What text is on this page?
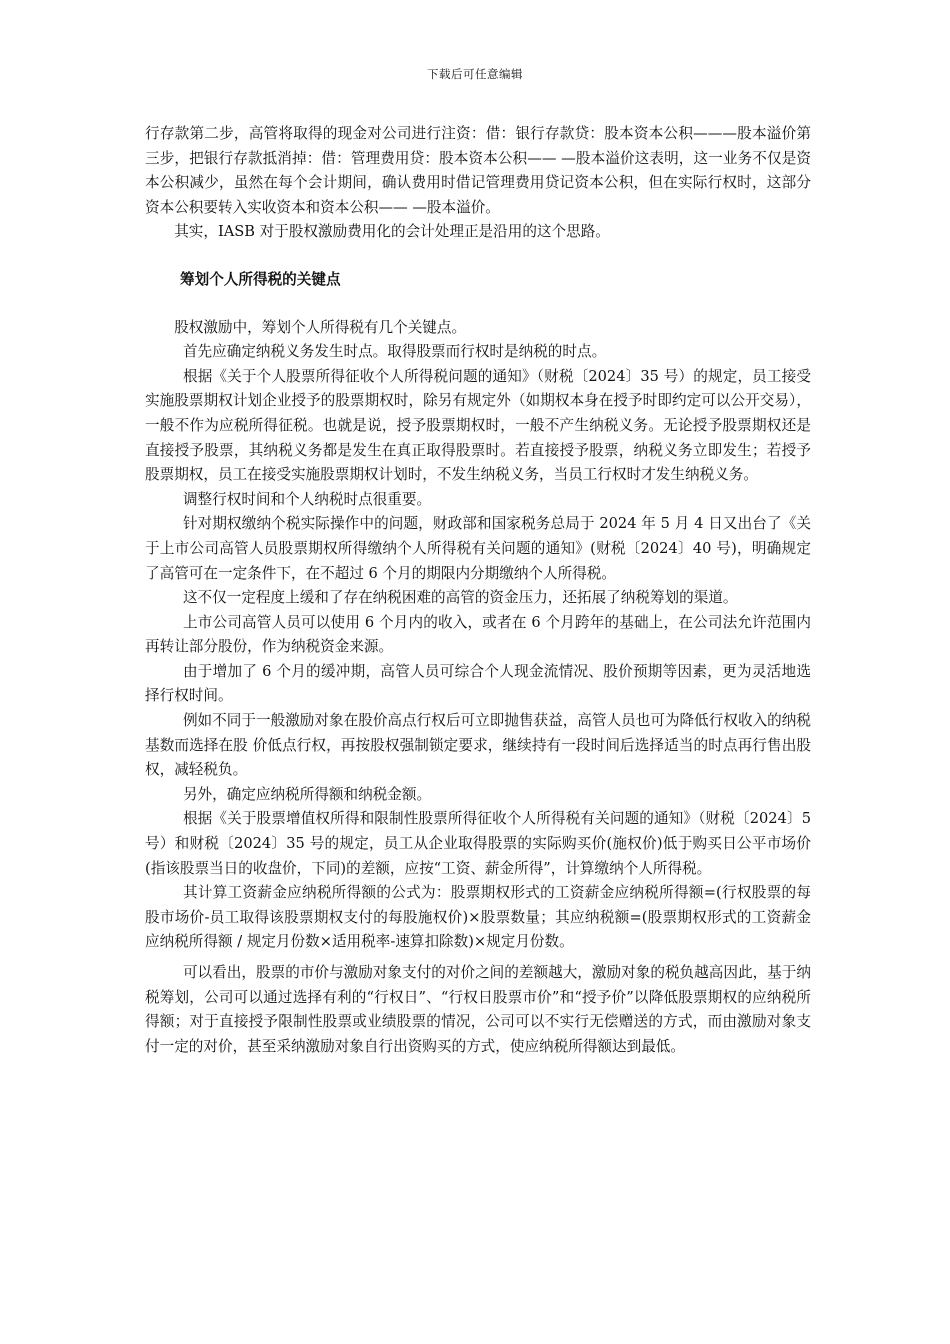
下载后可任意编辑

行存款第二步，高管将取得的现金对公司进行注资：借：银行存款贷：股本资本公积———股本溢价第三步，把银行存款抵消掉：借：管理费用贷：股本资本公积—— —股本溢价这表明，这一业务不仅是资本公积减少，虽然在每个会计期间，确认费用时借记管理费用贷记资本公积，但在实际行权时，这部分资本公积要转入实收资本和资本公积—— —股本溢价。

其实，IASB 对于股权激励费用化的会计处理正是沿用的这个思路。

筹划个人所得税的关键点

股权激励中，筹划个人所得税有几个关键点。

首先应确定纳税义务发生时点。取得股票而行权时是纳税的时点。

根据《关于个人股票所得征收个人所得税问题的通知》（财税〔2024〕35 号）的规定，员工接受实施股票期权计划企业授予的股票期权时，除另有规定外（如期权本身在授予时即约定可以公开交易），一般不作为应税所得征税。也就是说，授予股票期权时，一般不产生纳税义务。无论授予股票期权还是直接授予股票，其纳税义务都是发生在真正取得股票时。若直接授予股票，纳税义务立即发生；若授予股票期权，员工在接受实施股票期权计划时，不发生纳税义务，当员工行权时才发生纳税义务。

调整行权时间和个人纳税时点很重要。

针对期权缴纳个税实际操作中的问题，财政部和国家税务总局于 2024 年 5 月 4 日又出台了《关于上市公司高管人员股票期权所得缴纳个人所得税有关问题的通知》(财税〔2024〕40 号)，明确规定了高管可在一定条件下，在不超过 6 个月的期限内分期缴纳个人所得税。

这不仅一定程度上缓和了存在纳税困难的高管的资金压力，还拓展了纳税筹划的渠道。

上市公司高管人员可以使用 6 个月内的收入，或者在 6 个月跨年的基础上，在公司法允许范围内再转让部分股份，作为纳税资金来源。

由于增加了 6 个月的缓冲期，高管人员可综合个人现金流情况、股价预期等因素，更为灵活地选择行权时间。

例如不同于一般激励对象在股价高点行权后可立即抛售获益，高管人员也可为降低行权收入的纳税基数而选择在股 价低点行权，再按股权强制锁定要求，继续持有一段时间后选择适当的时点再行售出股权，减轻税负。

另外，确定应纳税所得额和纳税金额。

根据《关于股票增值权所得和限制性股票所得征收个人所得税有关问题的通知》（财税〔2024〕5 号）和财税〔2024〕35 号的规定，员工从企业取得股票的实际购买价(施权价)低于购买日公平市场价(指该股票当日的收盘价，下同)的差额，应按“工资、薪金所得”，计算缴纳个人所得税。

其计算工资薪金应纳税所得额的公式为：股票期权形式的工资薪金应纳税所得额=(行权股票的每股市场价-员工取得该股票期权支付的每股施权价)×股票数量；其应纳税额=(股票期权形式的工资薪金应纳税所得额 / 规定月份数×适用税率-速算扣除数)×规定月份数。

可以看出，股票的市价与激励对象支付的对价之间的差额越大，激励对象的税负越高因此，基于纳税筹划，公司可以通过选择有利的“行权日”、“行权日股票市价”和“授予价”以降低股票期权的应纳税所得额；对于直接授予限制性股票或业绩股票的情况，公司可以不实行无偿赠送的方式，而由激励对象支付一定的对价，甚至采纳激励对象自行出资购买的方式，使应纳税所得额达到最低。
